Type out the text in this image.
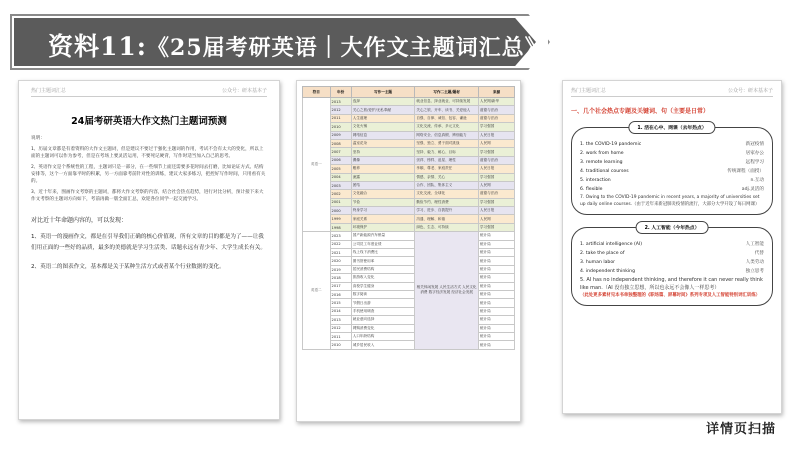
资料11:《25届考研英语｜大作文主题词汇总》
热门主题词汇总	公众号：研本基本子
24届考研英语大作文热门主题词预测
说明：
1、历届文章都是有着资料的大作文主题词，但是建议不要过于强化主题词的作用，考试不会有太大的变化，所以上面的主题词可以作为参考，但是在考场上要灵活运用，不要死记硬背，写作时适当加入自己的思考。
2、英语作文是个系统性的工程，主题词只是一部分，在一些细节上面还需要多花时间去打磨，比如论证方式、结构安排等，这个一方面靠平时的积累，另一方面靠考前针对性的训练，建议大家多练习，把控好写作时间，只用看有关的。
3、近十年来，图画作文考察的主题词，都将大作文考察的内容，结合社会热点趋势，进行对比分析，预计接下来大作文考察的主题词方向如下，考前再做一版全面汇总，欢迎各位同学一起交流学习。
对比近十年命题内容的，可以发现：
1、英语一的漫画作文，都是在引导我们正确的核心价值观，所有文章的目的都是为了——让我们用正面的一些好的品质，最多的美德就是学习生活类、话题永远有青少年、大学生成长有关。
2、英语二的图表作文，基本都是关于某种生活方式或者某个行业数据的变化。
符目	年份	写作一主题	写作二主题/题材	来源
英语一	2013	选择	就业信息、择业就业、可持续发展	人民网/新华
	2012	关心之旅/爱护/无私奉献	关心之旅、开车、读书、关爱他人	道德与法治
	2011	人生道理	自强、自律、诚信、包容、谦逊	道德与法治
	2010	文化火锅	文化交流、传承、多元文化	学习强国
	2009	网络信息	网络安全、信息真假、辨别能力	人民日报
	2008	温室花朵	坚强、独立、勇于面对挑战	人民网
	2007	坚持	坚持、毅力、耐心、目标	学习强国
	2006	偶像	崇拜、榜样、追星、理性	道德与法治
	2005	赡养	孝顺、尊老、家庭责任	人民日报
	2004	流露	情感、亲情、关心	学习强国
	2003	团结	合作、团队、集体主义	人民网
	2002	文化融合	文化交流、全球化	道德与法治
	2001	节俭	勤俭节约、理性消费	学习强国
	2000	终身学习	学习、进步、自我提升	人民日报
	1999	家庭关系	沟通、理解、和谐	人民网
	1998	环境保护	绿色、生态、可持续	学习强国
英语二	2023	国产新能源汽车销量	相关休闲发展 人民生活方式 人民文化消费 数字经济发展 经济社会发展	统计局
	2022	公司员工年度业绩		统计局
	2021	线上线下消费比		统计局
	2020	图书馆使用率		统计局
	2019	居民消费结构		统计局
	2018	旅游收入变化		统计局
	2017	高校学生健身		统计局
	2016	数字阅读		统计局
	2015	节假日出游		统计局
	2014	手机使用调查		统计局
	2013	就业意向选择		统计局
	2012	网购消费变化		统计局
	2011	人口年龄结构		统计局
	2010	城乡居民收入		统计局
热门主题词汇总	公众号：研本基本子
一、几个社会热点专题及关键词、句（主要是日常）
1. 活在心中、网课（去年热点）
1. the COVID-19 pandemic	新冠疫情
2. work from home	居家办公
3. remote learning	远程学习
4. traditional courses	传统课程（面授）
5. interaction	n.互动
6. flexible	adj.灵活的
7. Owing to the COVID-19 pandemic in recent years, a majority of universities set up daily online courses.（由于近年来新冠肺炎疫情的流行，大部分大学开设了每日网课）
2. 人工智能（今年热点）
1. artificial intelligence (AI)	人工智能
2. take the place of	代替
3. human labor	人类劳动
4. independent thinking	独立思考
5. AI has no independent thinking, and therefore it can never really think like man.（AI 没有独立思想，所以也永远不会像人一样思考）
（此处更多素材见本书单独整理的《职场篇、屏幕时间》系列专项及人工智能特别词汇训练）
详情页扫描
